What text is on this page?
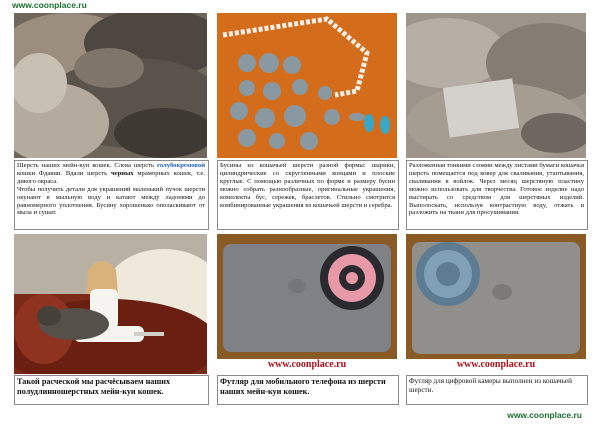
www.coonplace.ru
Шерсть наших мейн-куи кошек. Слева шерсть голубокремовой кошки Фдавии. Вдали шерсть черных мраморных кошек, т.е. дикого окраса.
Чтобы получить детали для украшений маленький пучок шерсти окунают в мыльную воду и катают между ладонями до равномерного уплотнения. Бусину хорошенько ополаскивают от мыла и сушат.
Бусины из кошачьей шерсти разной формы: шарики, цилиндрические со скругленными концами и плоские круглые. С помощью различных по форме и размеру бусин можно собрать разнообразные, оригинальные украшения, комплекты бус, сережек, браслетов. Стильно смотрится комбинированные украшения из кошачьей шерсти и серебра.
Разложенная тонкими слоями между листами бумаги кошачья шерсть помещается под ковер для сваливания, утаптывания, сваливания в войлок. Через месяц шерстяную пластину можно использовать для творчества. Готовое изделие надо выстирать со средством для шерстяных изделий. Выполоскать, используя контрастную воду, отжать и разложить на ткани для просушивания.
www.coonplace.ru	www.coonplace.ru
Такой расческой мы расчёсываем наших полудлинношерстных мейн-куи кошек.
Футляр для мобильного телефона из шерсти наших мейн-куи кошек.
Футляр для цифровой камеры выполнен из кошачьей шерсти.
www.coonplace.ru
